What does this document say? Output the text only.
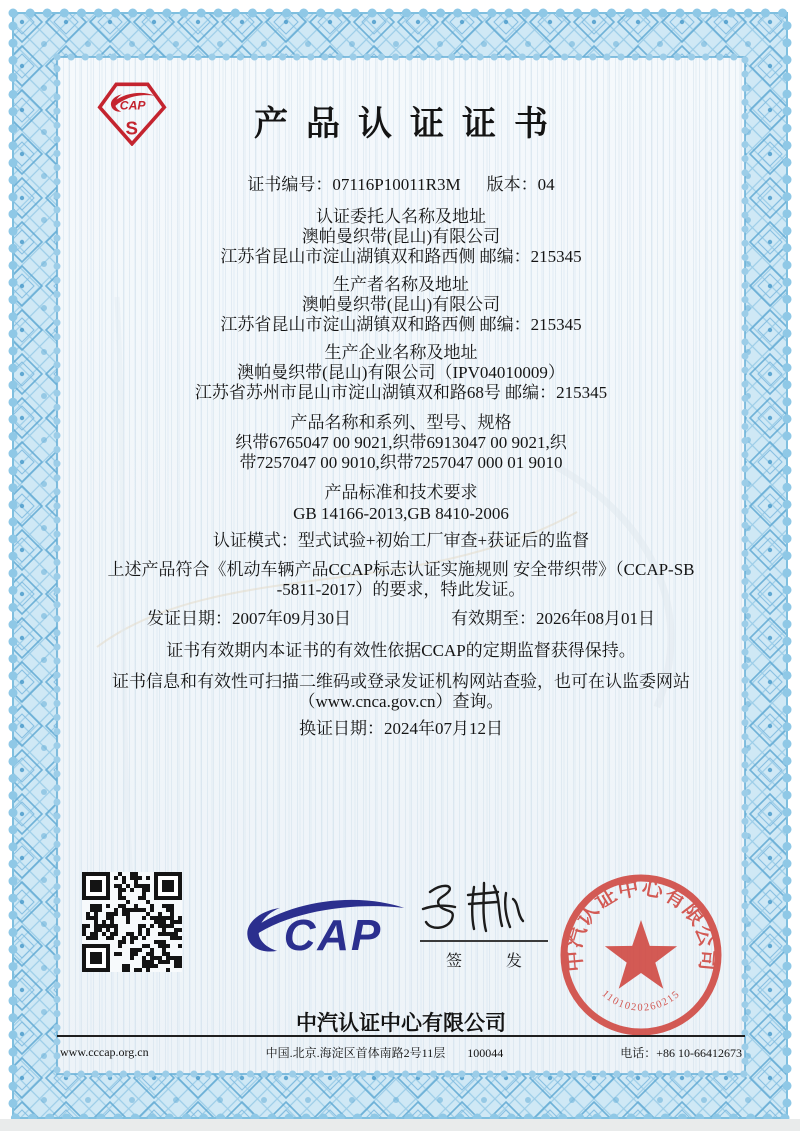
CAP
S	产品认证证书
证书编号：07116P10011R3M 版本：04
认证委托人名称及地址
澳帕曼织带(昆山)有限公司
江苏省昆山市淀山湖镇双和路西侧 邮编：215345
生产者名称及地址
澳帕曼织带(昆山)有限公司
江苏省昆山市淀山湖镇双和路西侧 邮编：215345
生产企业名称及地址
澳帕曼织带(昆山)有限公司（IPV04010009）
江苏省苏州市昆山市淀山湖镇双和路68号 邮编：215345
产品名称和系列、型号、规格
织带6765047 00 9021,织带6913047 00 9021,织
带7257047 00 9010,织带7257047 000 01 9010
产品标准和技术要求
GB 14166-2013,GB 8410-2006
认证模式：型式试验+初始工厂审查+获证后的监督
上述产品符合《机动车辆产品CCAP标志认证实施规则 安全带织带》（CCAP-SB
-5811-2017）的要求，特此发证。
发证日期：2007年09月30日	有效期至：2026年08月01日
证书有效期内本证书的有效性依据CCAP的定期监督获得保持。
证书信息和有效性可扫描二维码或登录发证机构网站查验，也可在认监委网站
（www.cnca.gov.cn）查询。
换证日期：2024年07月12日
CAP
签 发 中汽认证中心有限公司
1101020260215
中汽认证中心有限公司
www.cccap.org.cn	中国.北京.海淀区首体南路2号11层 100044	电话：+86 10-66412673
